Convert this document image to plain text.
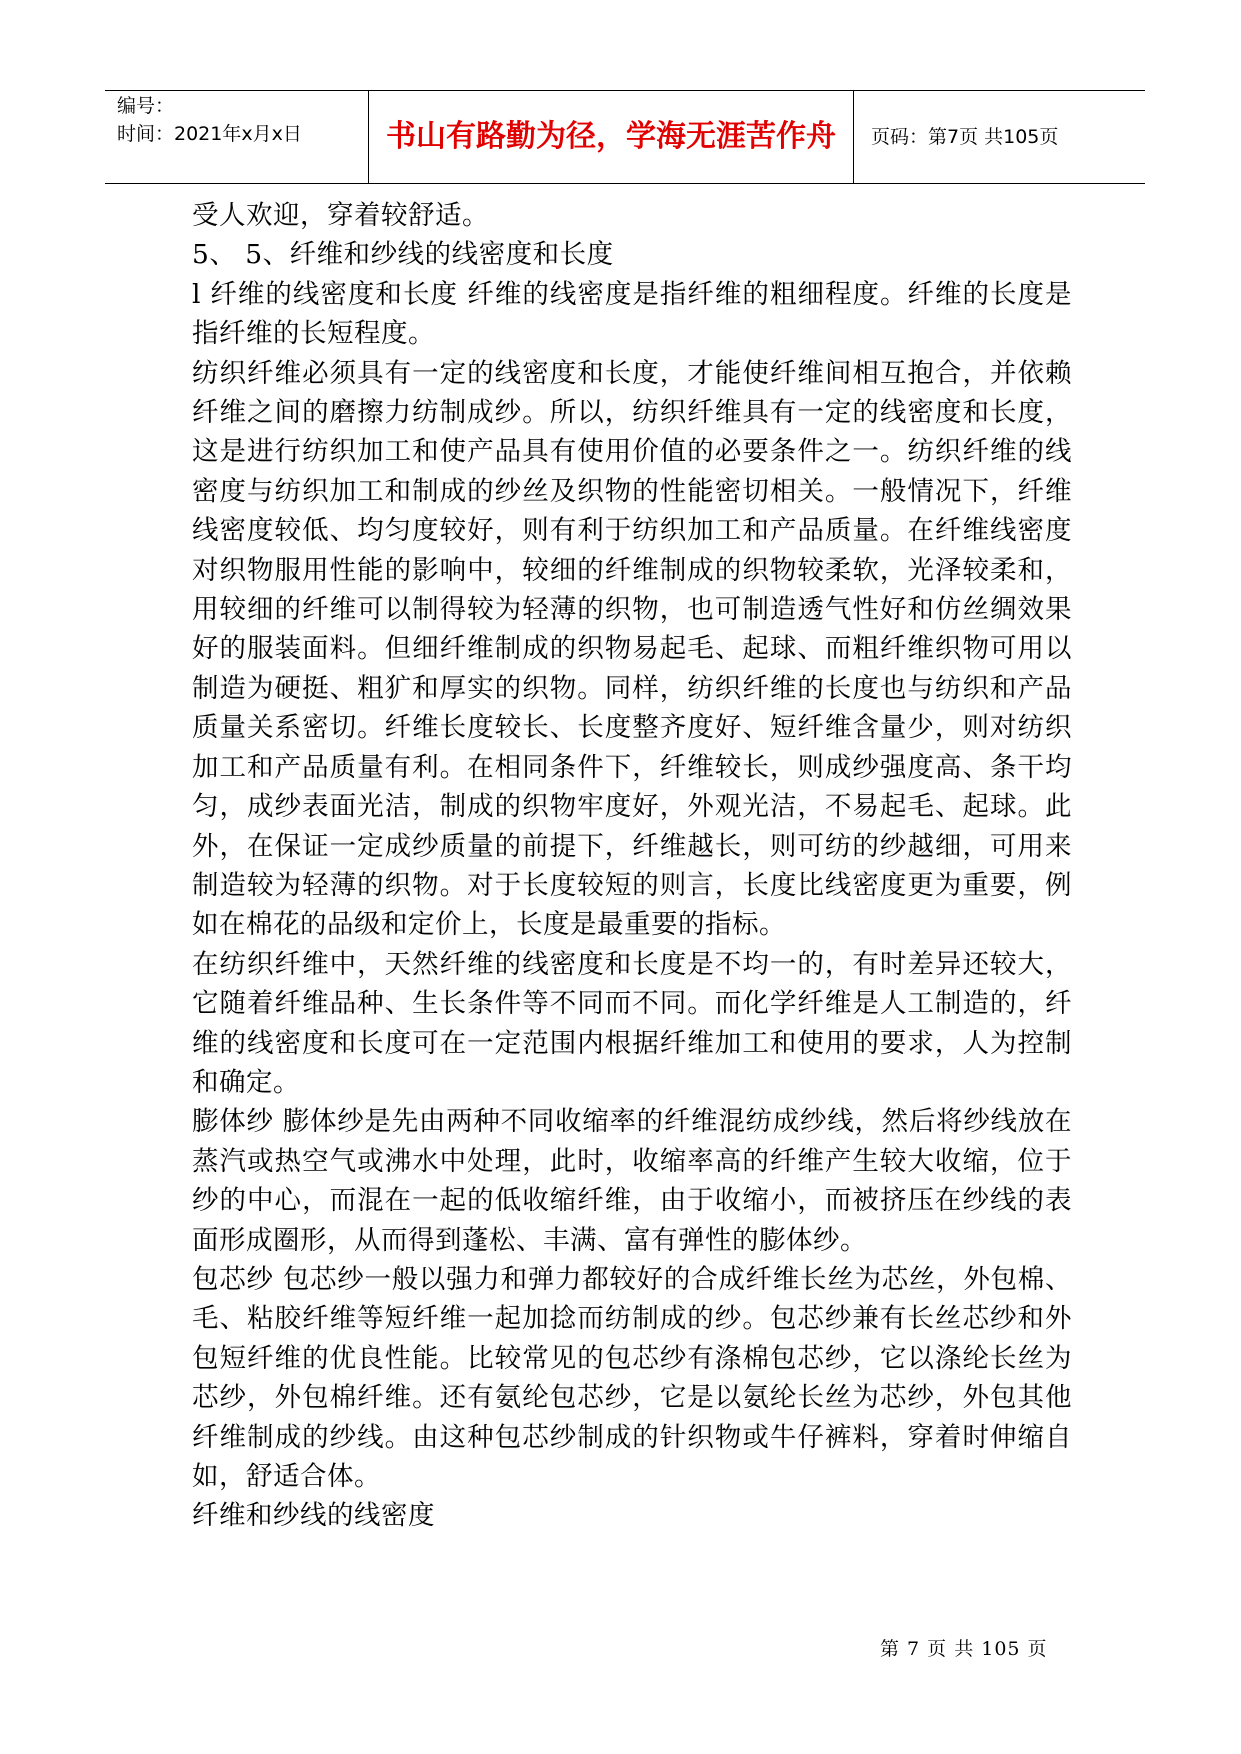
编号：
时间：2021年x月x日	书山有路勤为径，学海无涯苦作舟	页码：第7页 共105页

受人欢迎，穿着较舒适。

5、 5、纤维和纱线的线密度和长度

l 纤维的线密度和长度 纤维的线密度是指纤维的粗细程度。纤维的长度是指纤维的长短程度。

纺织纤维必须具有一定的线密度和长度，才能使纤维间相互抱合，并依赖纤维之间的磨擦力纺制成纱。所以，纺织纤维具有一定的线密度和长度，这是进行纺织加工和使产品具有使用价值的必要条件之一。纺织纤维的线密度与纺织加工和制成的纱丝及织物的性能密切相关。一般情况下，纤维线密度较低、均匀度较好，则有利于纺织加工和产品质量。在纤维线密度对织物服用性能的影响中，较细的纤维制成的织物较柔软，光泽较柔和，用较细的纤维可以制得较为轻薄的织物，也可制造透气性好和仿丝绸效果好的服装面料。但细纤维制成的织物易起毛、起球、而粗纤维织物可用以制造为硬挺、粗犷和厚实的织物。同样，纺织纤维的长度也与纺织和产品质量关系密切。纤维长度较长、长度整齐度好、短纤维含量少，则对纺织加工和产品质量有利。在相同条件下，纤维较长，则成纱强度高、条干均匀，成纱表面光洁，制成的织物牢度好，外观光洁，不易起毛、起球。此外，在保证一定成纱质量的前提下，纤维越长，则可纺的纱越细，可用来制造较为轻薄的织物。对于长度较短的则言，长度比线密度更为重要，例如在棉花的品级和定价上，长度是最重要的指标。

在纺织纤维中，天然纤维的线密度和长度是不均一的，有时差异还较大，它随着纤维品种、生长条件等不同而不同。而化学纤维是人工制造的，纤维的线密度和长度可在一定范围内根据纤维加工和使用的要求，人为控制和确定。

膨体纱 膨体纱是先由两种不同收缩率的纤维混纺成纱线，然后将纱线放在蒸汽或热空气或沸水中处理，此时，收缩率高的纤维产生较大收缩，位于纱的中心，而混在一起的低收缩纤维，由于收缩小，而被挤压在纱线的表面形成圈形，从而得到蓬松、丰满、富有弹性的膨体纱。

包芯纱 包芯纱一般以强力和弹力都较好的合成纤维长丝为芯丝，外包棉、毛、粘胶纤维等短纤维一起加捻而纺制成的纱。包芯纱兼有长丝芯纱和外包短纤维的优良性能。比较常见的包芯纱有涤棉包芯纱，它以涤纶长丝为芯纱，外包棉纤维。还有氨纶包芯纱，它是以氨纶长丝为芯纱，外包其他纤维制成的纱线。由这种包芯纱制成的针织物或牛仔裤料，穿着时伸缩自如，舒适合体。

纤维和纱线的线密度

第 7 页 共 105 页
